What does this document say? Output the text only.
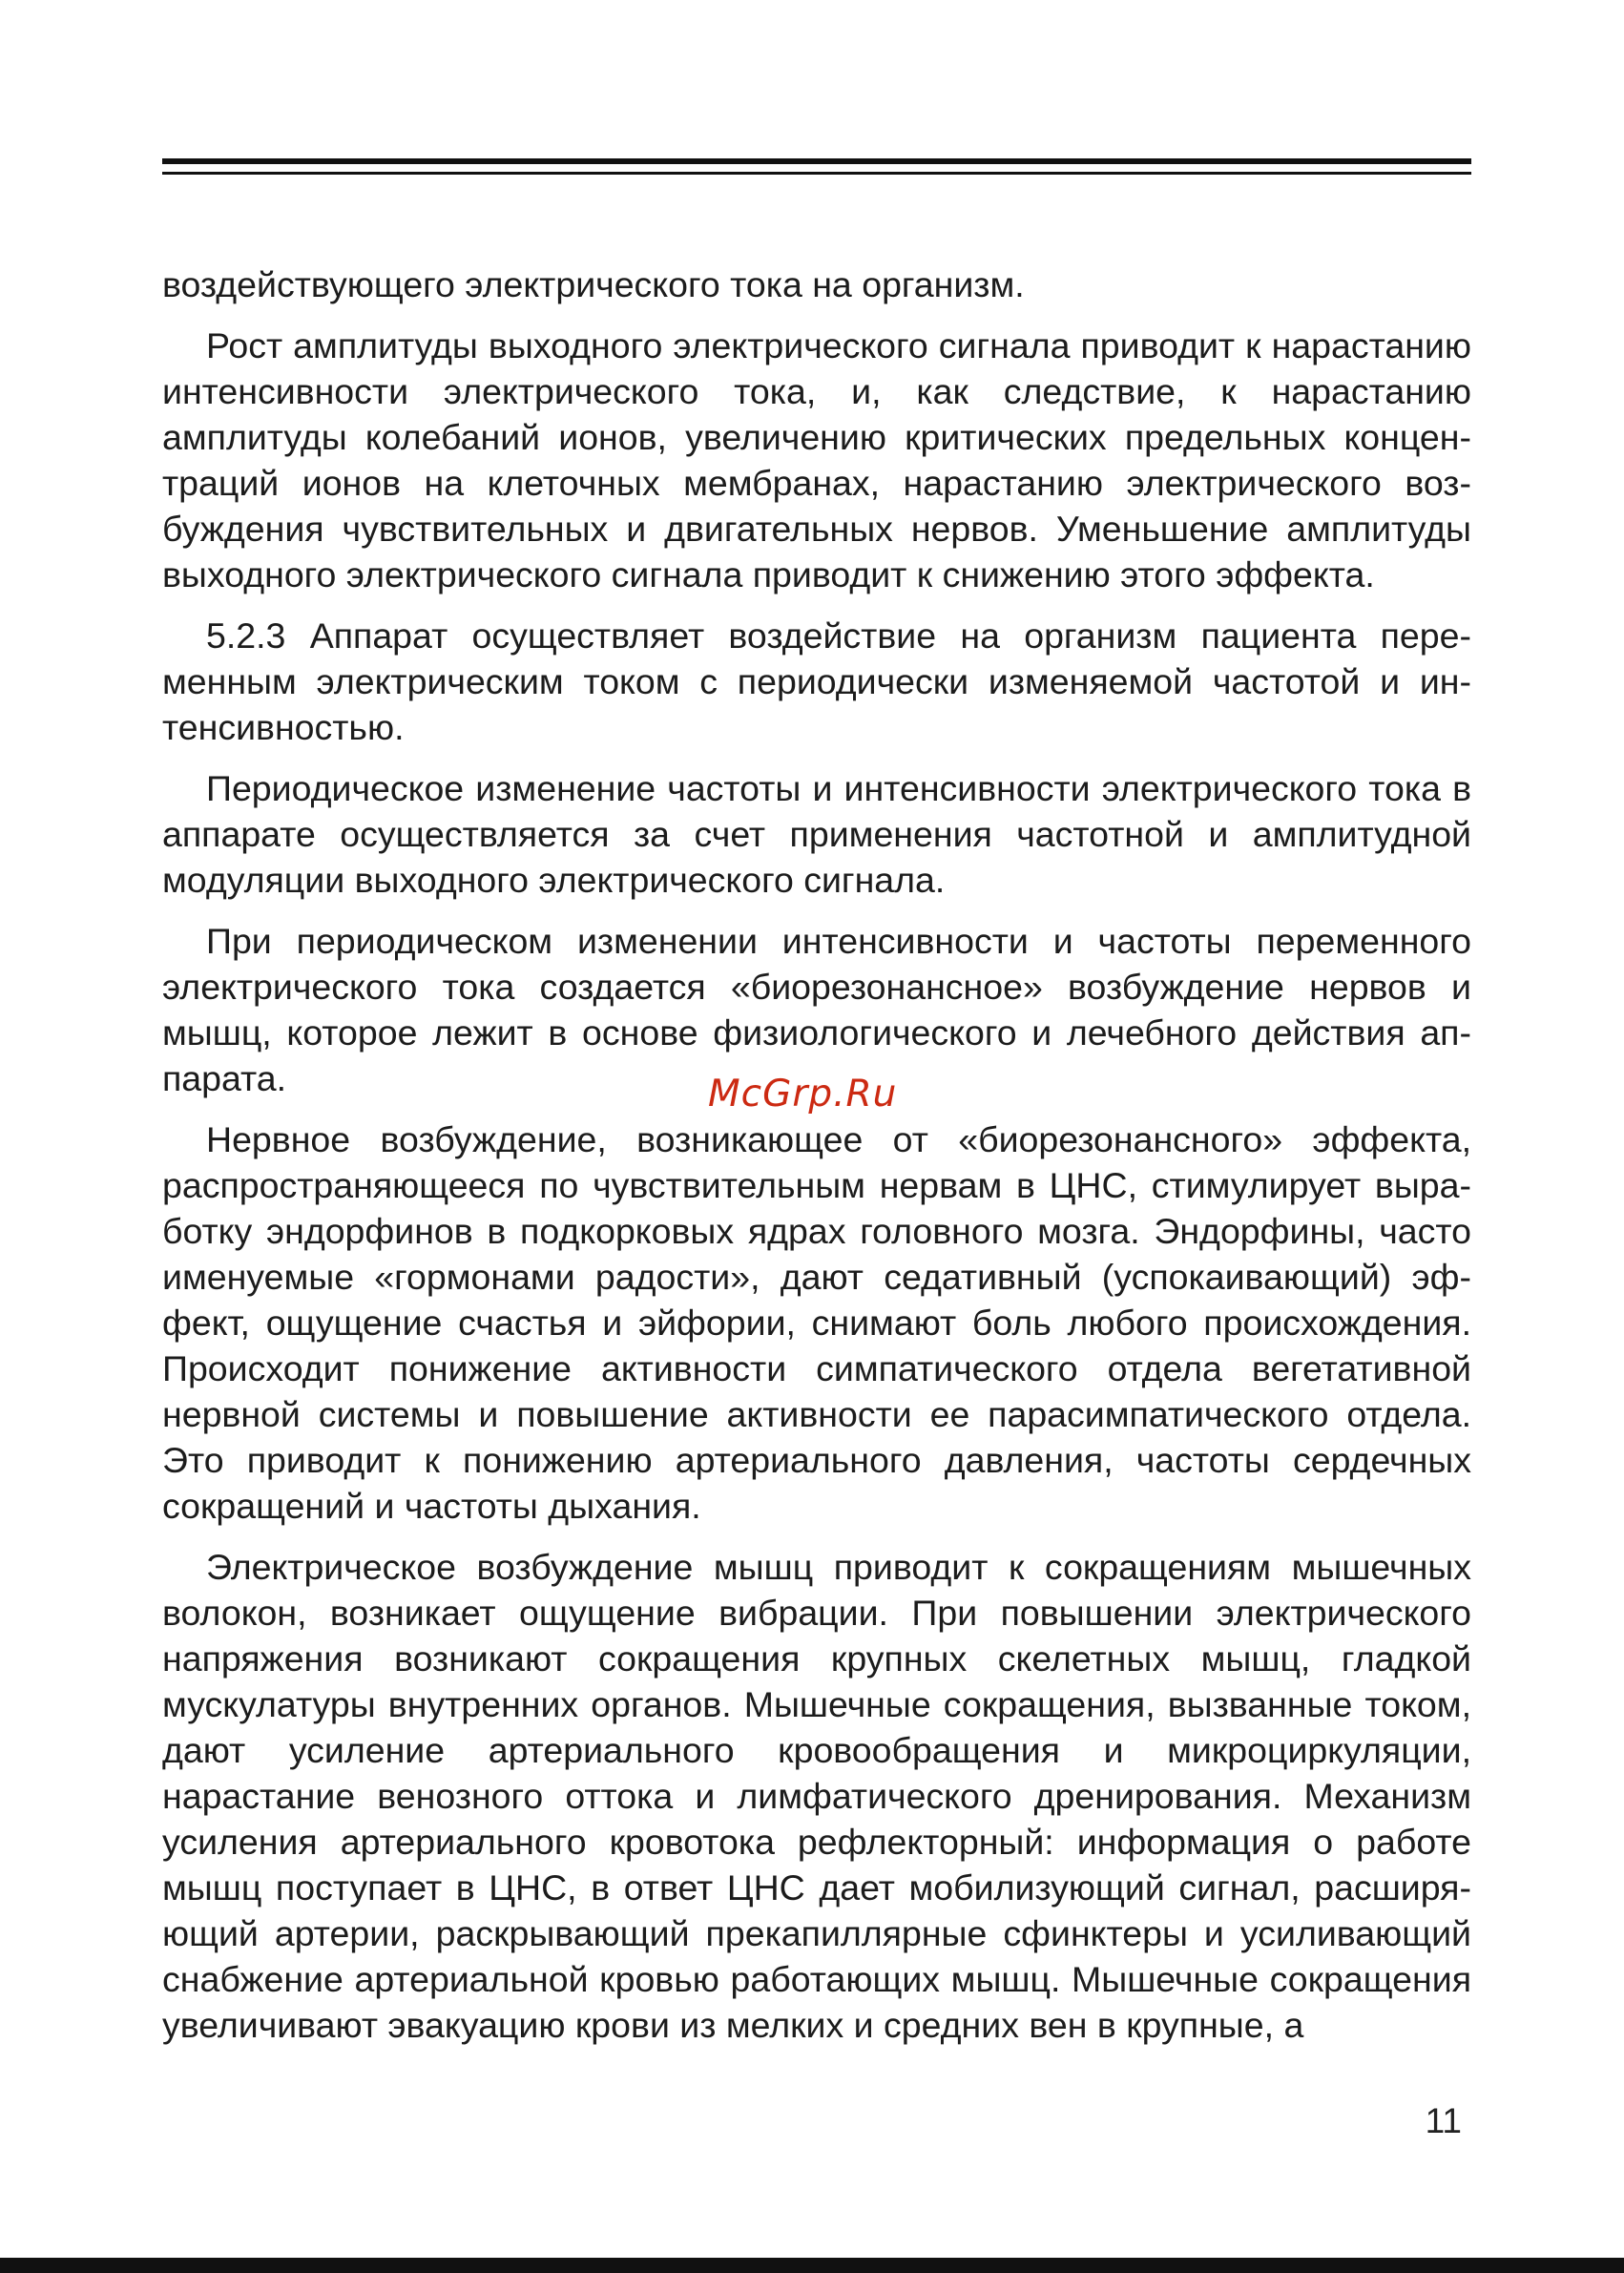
воздействующего электрического тока на организм.

Рост амплитуды выходного электрического сигнала приводит к нарастанию интенсивности электрического тока, и, как следствие, к нарастанию амплитуды колебаний ионов, увеличению критических предельных концентраций ионов на клеточных мембранах, нарастанию электрического возбуждения чувствительных и двигательных нервов. Уменьшение амплитуды выходного электрического сигнала приводит к снижению этого эффекта.

5.2.3 Аппарат осуществляет воздействие на организм пациента переменным электрическим током с периодически изменяемой частотой и интенсивностью.

Периодическое изменение частоты и интенсивности электрического тока в аппарате осуществляется за счет применения частотной и амплитудной модуляции выходного электрического сигнала.

При периодическом изменении интенсивности и частоты переменного электрического тока создается «биорезонансное» возбуждение нервов и мышц, которое лежит в основе физиологического и лечебного действия аппарата.

Нервное возбуждение, возникающее от «биорезонансного» эффекта, распространяющееся по чувствительным нервам в ЦНС, стимулирует выработку эндорфинов в подкорковых ядрах головного мозга. Эндорфины, часто именуемые «гормонами радости», дают седативный (успокаивающий) эффект, ощущение счастья и эйфории, снимают боль любого происхождения. Происходит понижение активности симпатического отдела вегетативной нервной системы и повышение активности ее парасимпатического отдела. Это приводит к понижению артериального давления, частоты сердечных сокращений и частоты дыхания.

Электрическое возбуждение мышц приводит к сокращениям мышечных волокон, возникает ощущение вибрации. При повышении электрического напряжения возникают сокращения крупных скелетных мышц, гладкой мускулатуры внутренних органов. Мышечные сокращения, вызванные током, дают усиление артериального кровообращения и микроциркуляции, нарастание венозного оттока и лимфатического дренирования. Механизм усиления артериального кровотока рефлекторный: информация о работе мышц поступает в ЦНС, в ответ ЦНС дает мобилизующий сигнал, расширяющий артерии, раскрывающий прекапиллярные сфинктеры и усиливающий снабжение артериальной кровью работающих мышц. Мышечные сокращения увеличивают эвакуацию крови из мелких и средних вен в крупные, а

McGrp.Ru
11
